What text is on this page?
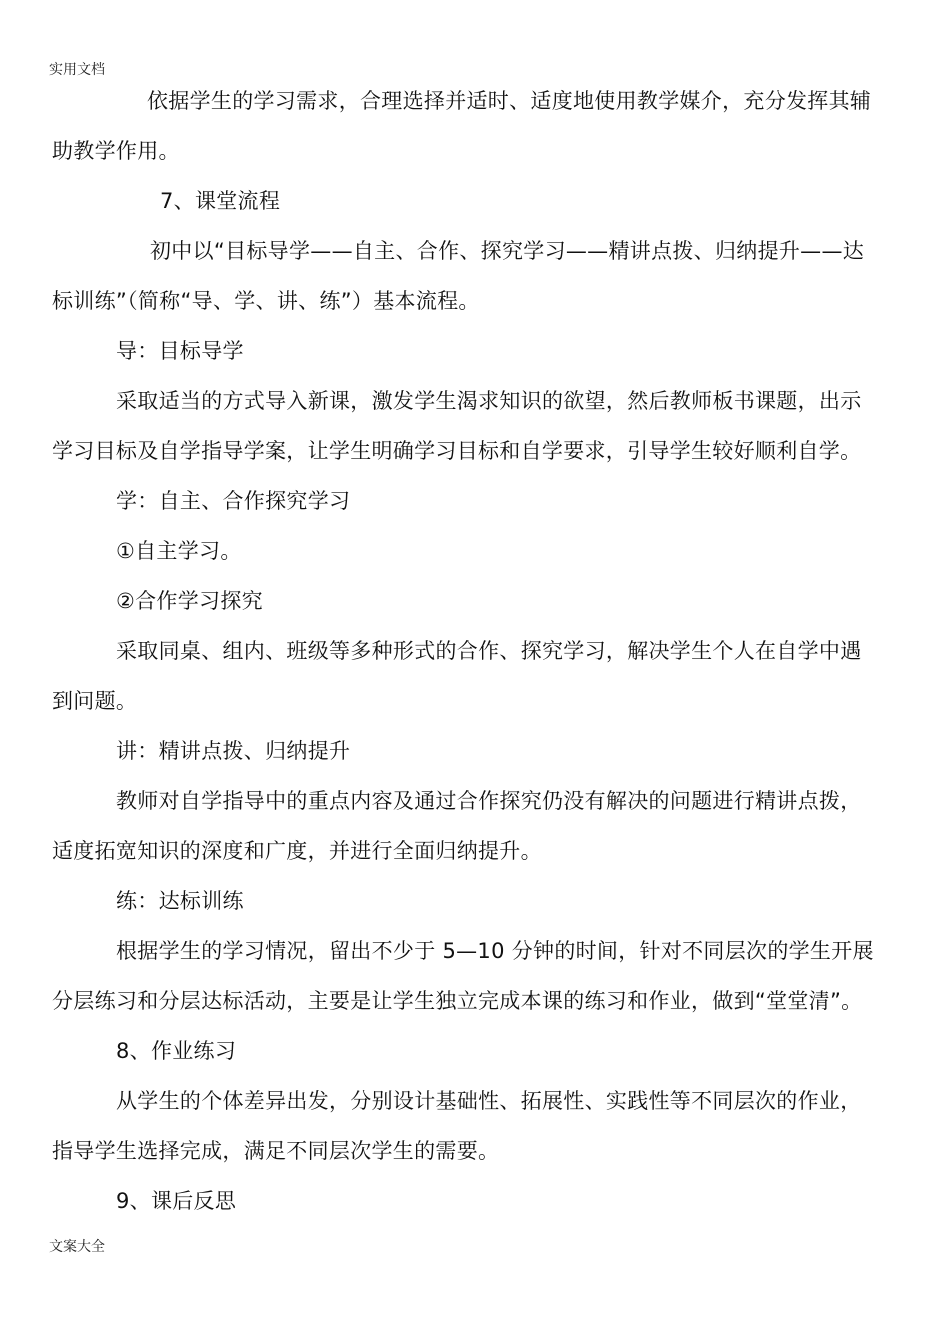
实用文档
依据学生的学习需求，合理选择并适时、适度地使用教学媒介，充分发挥其辅
助教学作用。
7、课堂流程
初中以“目标导学——自主、合作、探究学习——精讲点拨、归纳提升——达
标训练”（简称“导、学、讲、练”）基本流程。
导：目标导学
采取适当的方式导入新课，激发学生渴求知识的欲望，然后教师板书课题，出示
学习目标及自学指导学案，让学生明确学习目标和自学要求，引导学生较好顺利自学。
学：自主、合作探究学习
①自主学习。
②合作学习探究
采取同桌、组内、班级等多种形式的合作、探究学习，解决学生个人在自学中遇
到问题。
讲：精讲点拨、归纳提升
教师对自学指导中的重点内容及通过合作探究仍没有解决的问题进行精讲点拨，
适度拓宽知识的深度和广度，并进行全面归纳提升。
练：达标训练
根据学生的学习情况，留出不少于 5—10 分钟的时间，针对不同层次的学生开展
分层练习和分层达标活动，主要是让学生独立完成本课的练习和作业，做到“堂堂清”。
8、作业练习
从学生的个体差异出发，分别设计基础性、拓展性、实践性等不同层次的作业，
指导学生选择完成，满足不同层次学生的需要。
9、课后反思
文案大全
